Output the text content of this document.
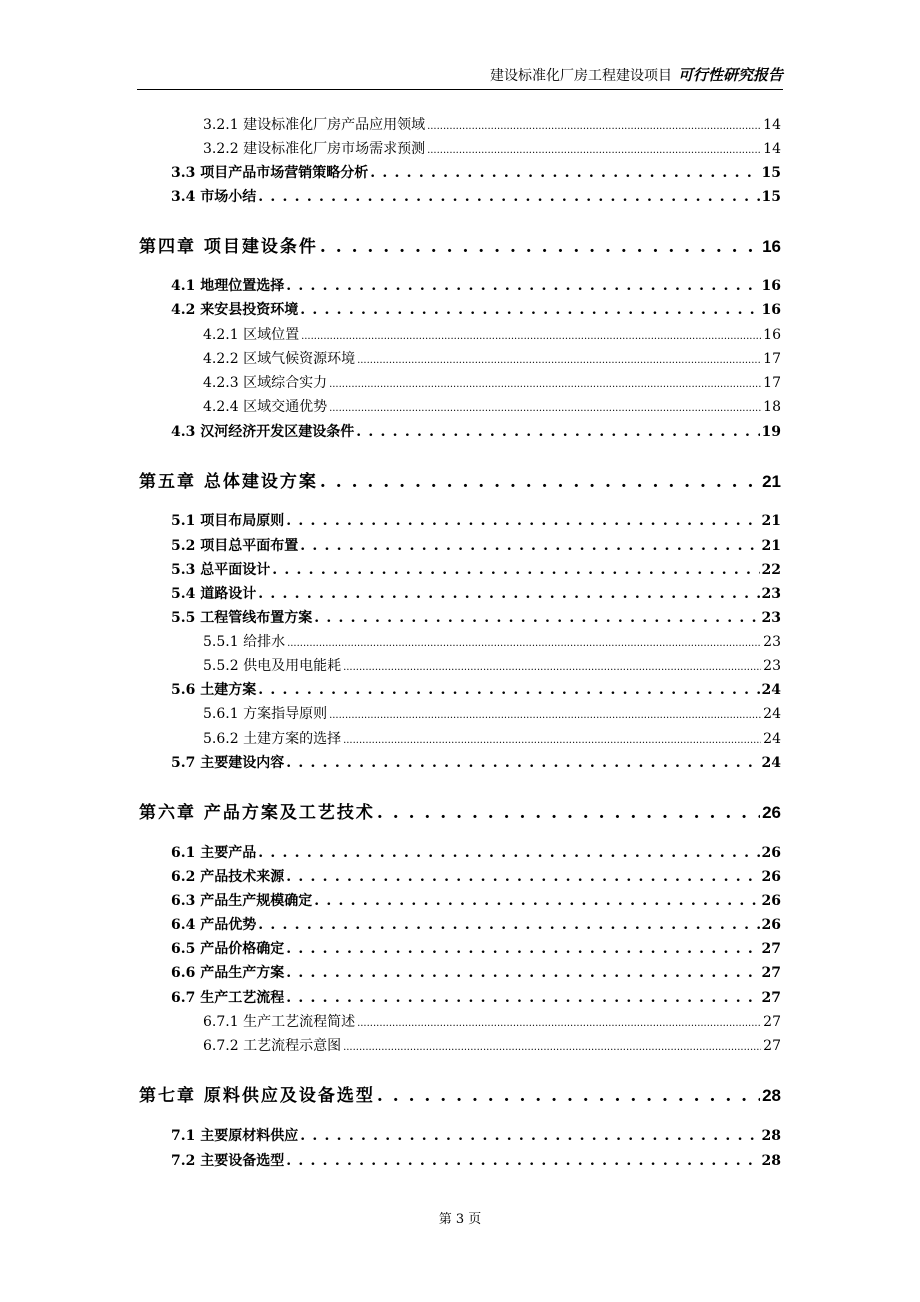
建设标准化厂房工程建设项目 可行性研究报告
3.2.1 建设标准化厂房产品应用领域 .....	14
3.2.2 建设标准化厂房市场需求预测 .....	14
3.3 项目产品市场营销策略分析 . . .	15
3.4 市场小结 . . .	15
第四章 项目建设条件 . . .	16
4.1 地理位置选择 . . .	16
4.2 来安县投资环境 . . .	16
4.2.1 区域位置 .....	16
4.2.2 区域气候资源环境 .....	17
4.2.3 区域综合实力 .....	17
4.2.4 区域交通优势 .....	18
4.3 汉河经济开发区建设条件 . . .	19
第五章 总体建设方案 . . .	21
5.1 项目布局原则 . . .	21
5.2 项目总平面布置 . . .	21
5.3 总平面设计 . . .	22
5.4 道路设计 . . .	23
5.5 工程管线布置方案 . . .	23
5.5.1 给排水 .....	23
5.5.2 供电及用电能耗 .....	23
5.6 土建方案 . . .	24
5.6.1 方案指导原则 .....	24
5.6.2 土建方案的选择 .....	24
5.7 主要建设内容 . . .	24
第六章 产品方案及工艺技术 . . .	26
6.1 主要产品 . . .	26
6.2 产品技术来源 . . .	26
6.3 产品生产规模确定 . . .	26
6.4 产品优势 . . .	26
6.5 产品价格确定 . . .	27
6.6 产品生产方案 . . .	27
6.7 生产工艺流程 . . .	27
6.7.1 生产工艺流程简述 .....	27
6.7.2 工艺流程示意图 .....	27
第七章 原料供应及设备选型 . . .	28
7.1 主要原材料供应 . . .	28
7.2 主要设备选型 . . .	28
第 3 页
